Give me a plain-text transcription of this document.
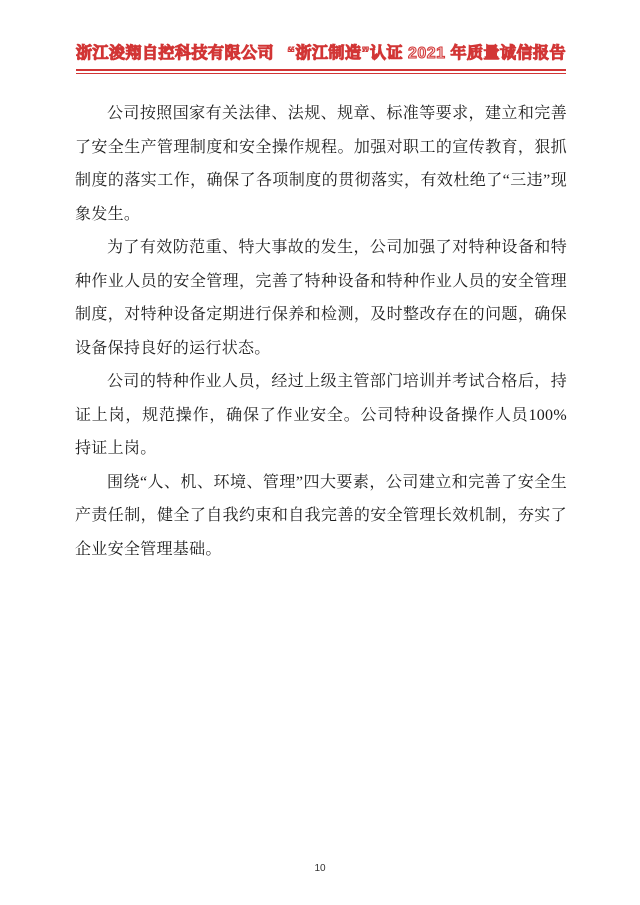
浙江浚翔自控科技有限公司 “浙江制造”认证 2021 年质量诚信报告

公司按照国家有关法律、法规、规章、标准等要求，建立和完善了安全生产管理制度和安全操作规程。加强对职工的宣传教育，狠抓制度的落实工作，确保了各项制度的贯彻落实，有效杜绝了“三违”现象发生。

为了有效防范重、特大事故的发生，公司加强了对特种设备和特种作业人员的安全管理，完善了特种设备和特种作业人员的安全管理制度，对特种设备定期进行保养和检测，及时整改存在的问题，确保设备保持良好的运行状态。

公司的特种作业人员，经过上级主管部门培训并考试合格后，持证上岗，规范操作，确保了作业安全。公司特种设备操作人员100%持证上岗。

围绕“人、机、环境、管理”四大要素，公司建立和完善了安全生产责任制，健全了自我约束和自我完善的安全管理长效机制，夯实了企业安全管理基础。

10
